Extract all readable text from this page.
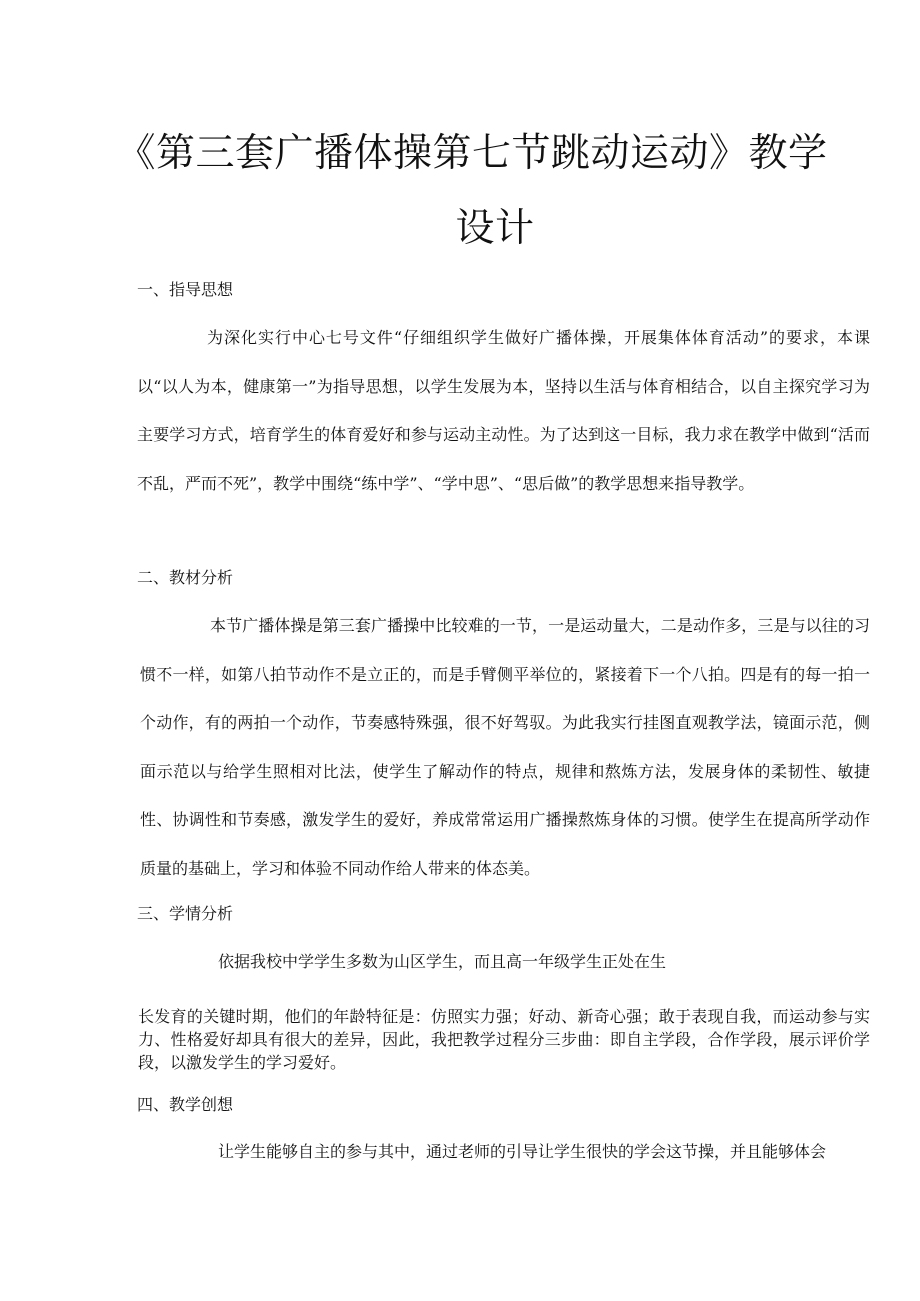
《第三套广播体操第七节跳动运动》教学
设计
一、指导思想

为深化实行中心七号文件“仔细组织学生做好广播体操，开展集体体育活动”的要求，本课以“以人为本，健康第一”为指导思想，以学生发展为本，坚持以生活与体育相结合，以自主探究学习为主要学习方式，培育学生的体育爱好和参与运动主动性。为了达到这一目标，我力求在教学中做到“活而不乱，严而不死”，教学中围绕“练中学”、“学中思”、“思后做”的教学思想来指导教学。

二、教材分析

本节广播体操是第三套广播操中比较难的一节，一是运动量大，二是动作多，三是与以往的习惯不一样，如第八拍节动作不是立正的，而是手臂侧平举位的，紧接着下一个八拍。四是有的每一拍一个动作，有的两拍一个动作，节奏感特殊强，很不好驾驭。为此我实行挂图直观教学法，镜面示范，侧面示范以与给学生照相对比法，使学生了解动作的特点，规律和熬炼方法，发展身体的柔韧性、敏捷性、协调性和节奏感，激发学生的爱好，养成常常运用广播操熬炼身体的习惯。使学生在提高所学动作质量的基础上，学习和体验不同动作给人带来的体态美。

三、学情分析

依据我校中学学生多数为山区学生，而且高一年级学生正处在生

长发育的关键时期，他们的年龄特征是：仿照实力强；好动、新奇心强；敢于表现自我，而运动参与实力、性格爱好却具有很大的差异，因此，我把教学过程分三步曲：即自主学段，合作学段，展示评价学段，以激发学生的学习爱好。

四、教学创想

让学生能够自主的参与其中，通过老师的引导让学生很快的学会这节操，并且能够体会
